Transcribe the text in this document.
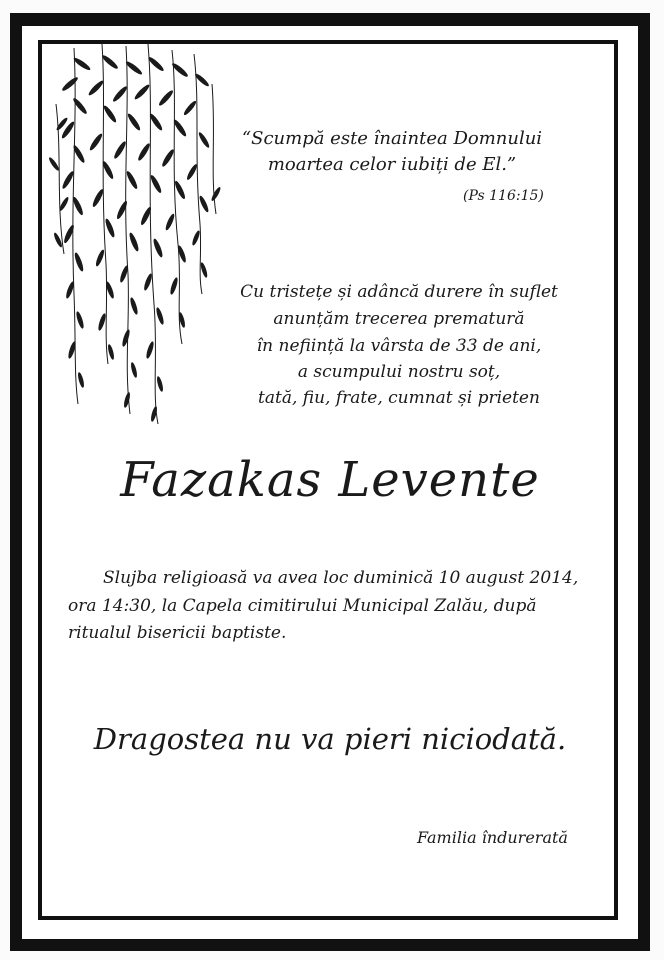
“Scumpă este înaintea Domnului
moartea celor iubiți de El.”
(Ps 116:15)
Cu tristețe și adâncă durere în suflet
anunțăm trecerea prematură
în neființă la vârsta de 33 de ani,
a scumpului nostru soț,
tată, fiu, frate, cumnat și prieten
Fazakas Levente
Slujba religioasă va avea loc duminică 10 august 2014,
ora 14:30, la Capela cimitirului Municipal Zalău, după
ritualul bisericii baptiste.
Dragostea nu va pieri niciodată.
Familia îndurerată
